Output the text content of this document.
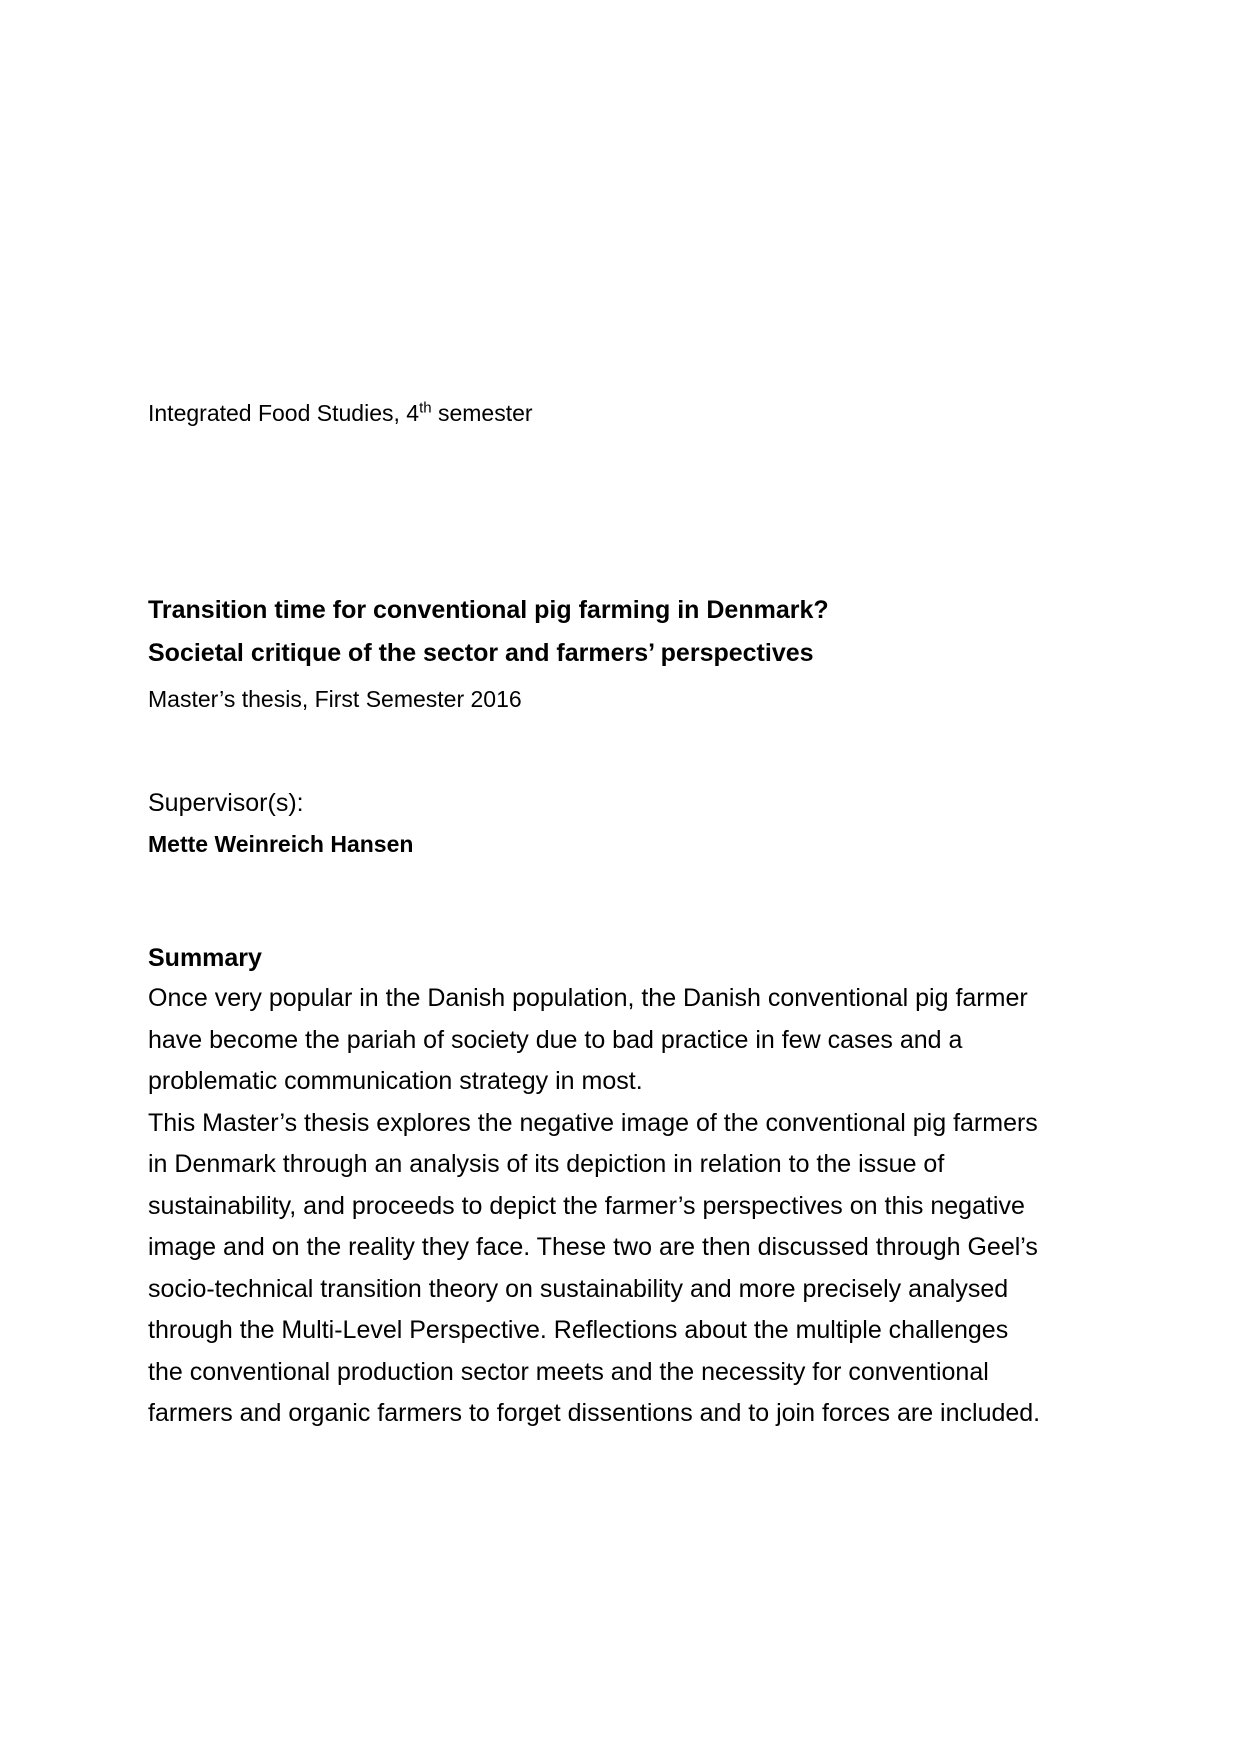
Integrated Food Studies, 4th semester
Transition time for conventional pig farming in Denmark?
Societal critique of the sector and farmers’ perspectives
Master’s thesis, First Semester 2016
Supervisor(s):
Mette Weinreich Hansen
Summary
Once very popular in the Danish population, the Danish conventional pig farmer
have become the pariah of society due to bad practice in few cases and a
problematic communication strategy in most.
This Master’s thesis explores the negative image of the conventional pig farmers
in Denmark through an analysis of its depiction in relation to the issue of
sustainability, and proceeds to depict the farmer’s perspectives on this negative
image and on the reality they face. These two are then discussed through Geel’s
socio-technical transition theory on sustainability and more precisely analysed
through the Multi-Level Perspective. Reflections about the multiple challenges
the conventional production sector meets and the necessity for conventional
farmers and organic farmers to forget dissentions and to join forces are included.
